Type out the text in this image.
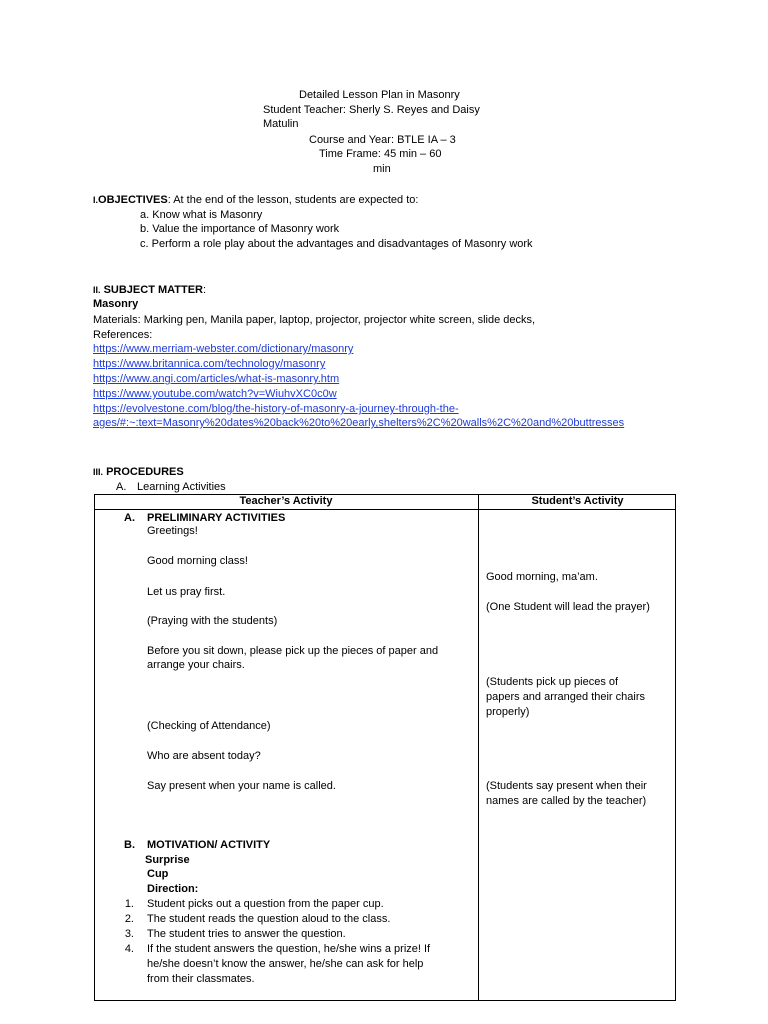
Detailed Lesson Plan in Masonry
Student Teacher: Sherly S. Reyes and Daisy
Matulin
Course and Year: BTLE IA – 3
Time Frame: 45 min – 60
min
I.OBJECTIVES: At the end of the lesson, students are expected to:
a. Know what is Masonry
b. Value the importance of Masonry work
c. Perform a role play about the advantages and disadvantages of Masonry work
II. SUBJECT MATTER:
Masonry
Materials: Marking pen, Manila paper, laptop, projector, projector white screen, slide decks,
References:
https://www.merriam-webster.com/dictionary/masonry
https://www.britannica.com/technology/masonry
https://www.angi.com/articles/what-is-masonry.htm
https://www.youtube.com/watch?v=WiuhvXC0c0w
https://evolvestone.com/blog/the-history-of-masonry-a-journey-through-the-
ages/#:~:text=Masonry%20dates%20back%20to%20early,shelters%2C%20walls%2C%20and%20buttresses
III. PROCEDURES
A. Learning Activities
Teacher’s Activity	Student’s Activity
A. PRELIMINARY ACTIVITIES
Greetings!
Good morning class!
Let us pray first.
(Praying with the students)
Before you sit down, please pick up the pieces of paper and
arrange your chairs.
(Checking of Attendance)
Who are absent today?
Say present when your name is called.
Good morning, ma’am.
(One Student will lead the prayer)
(Students pick up pieces of
papers and arranged their chairs
properly)
(Students say present when their
names are called by the teacher)
B. MOTIVATION/ ACTIVITY
Surprise
Cup
Direction:
1. Student picks out a question from the paper cup.
2. The student reads the question aloud to the class.
3. The student tries to answer the question.
4. If the student answers the question, he/she wins a prize! If
he/she doesn’t know the answer, he/she can ask for help
from their classmates.
